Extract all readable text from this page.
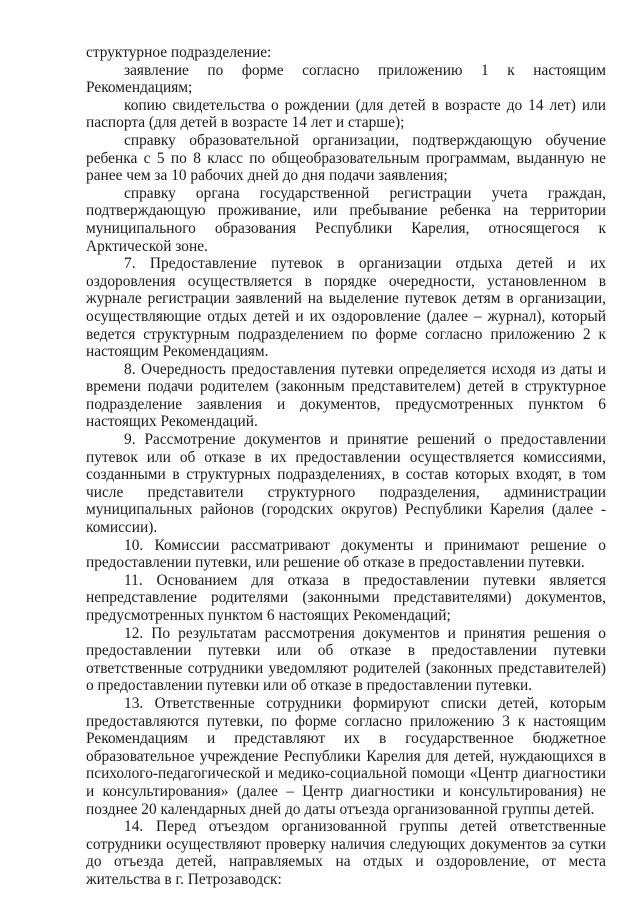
структурное подразделение:

заявление по форме согласно приложению 1 к настоящим Рекомендациям;

копию свидетельства о рождении (для детей в возрасте до 14 лет) или паспорта (для детей в возрасте 14 лет и старше);

справку образовательной организации, подтверждающую обучение ребенка с 5 по 8 класс по общеобразовательным программам, выданную не ранее чем за 10 рабочих дней до дня подачи заявления;

справку органа государственной регистрации учета граждан, подтверждающую проживание, или пребывание ребенка на территории муниципального образования Республики Карелия, относящегося к Арктической зоне.

7. Предоставление путевок в организации отдыха детей и их оздоровления осуществляется в порядке очередности, установленном в журнале регистрации заявлений на выделение путевок детям в организации, осуществляющие отдых детей и их оздоровление (далее – журнал), который ведется структурным подразделением по форме согласно приложению 2 к настоящим Рекомендациям.

8. Очередность предоставления путевки определяется исходя из даты и времени подачи родителем (законным представителем) детей в структурное подразделение заявления и документов, предусмотренных пунктом 6 настоящих Рекомендаций.

9. Рассмотрение документов и принятие решений о предоставлении путевок или об отказе в их предоставлении осуществляется комиссиями, созданными в структурных подразделениях, в состав которых входят, в том числе представители структурного подразделения, администрации муниципальных районов (городских округов) Республики Карелия (далее - комиссии).

10. Комиссии рассматривают документы и принимают решение о предоставлении путевки, или решение об отказе в предоставлении путевки.

11. Основанием для отказа в предоставлении путевки является непредставление родителями (законными представителями) документов, предусмотренных пунктом 6 настоящих Рекомендаций;

12. По результатам рассмотрения документов и принятия решения о предоставлении путевки или об отказе в предоставлении путевки ответственные сотрудники уведомляют родителей (законных представителей) о предоставлении путевки или об отказе в предоставлении путевки.

13. Ответственные сотрудники формируют списки детей, которым предоставляются путевки, по форме согласно приложению 3 к настоящим Рекомендациям и представляют их в государственное бюджетное образовательное учреждение Республики Карелия для детей, нуждающихся в психолого-педагогической и медико-социальной помощи «Центр диагностики и консультирования» (далее – Центр диагностики и консультирования) не позднее 20 календарных дней до даты отъезда организованной группы детей.

14. Перед отъездом организованной группы детей ответственные сотрудники осуществляют проверку наличия следующих документов за сутки до отъезда детей, направляемых на отдых и оздоровление, от места жительства в г. Петрозаводск:
